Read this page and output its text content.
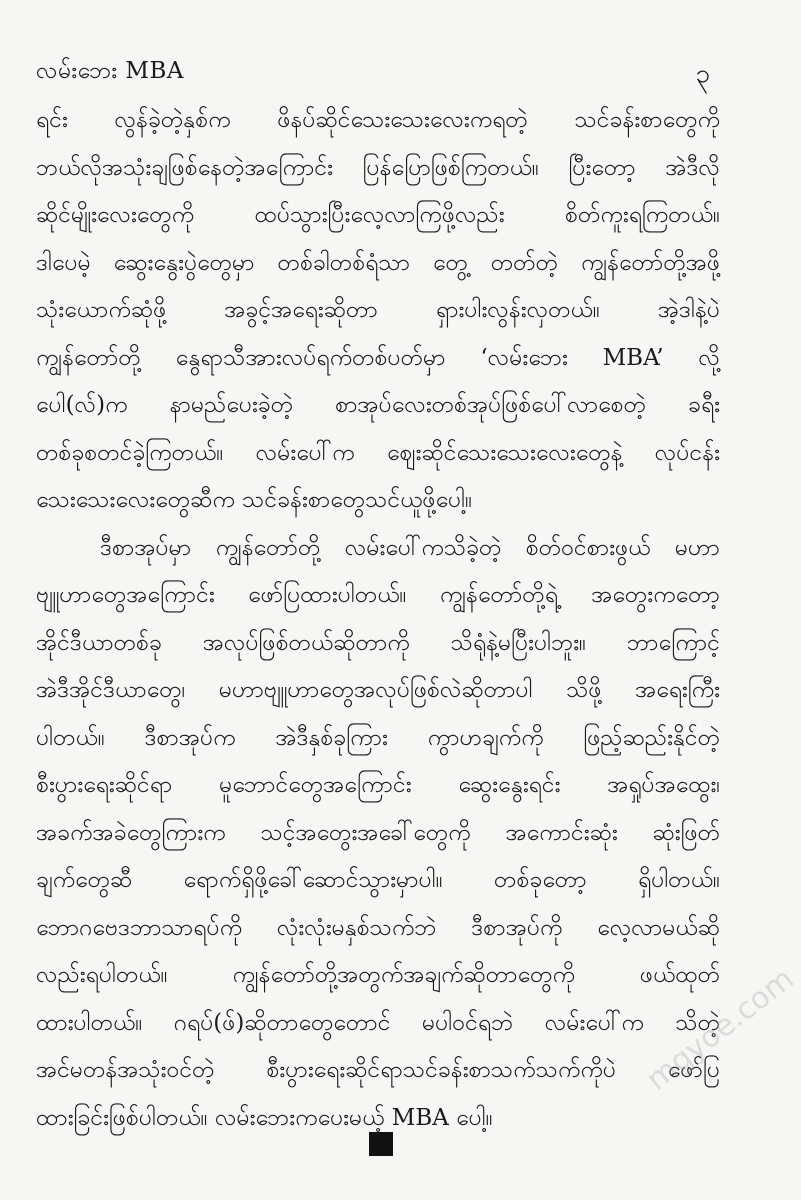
လမ်းဘေး MBA	၃
ရင်း လွန်ခဲ့တဲ့နှစ်က ဖိနပ်ဆိုင်သေးသေးလေးကရတဲ့ သင်ခန်းစာတွေကို
ဘယ်လိုအသုံးချဖြစ်နေတဲ့အကြောင်း ပြန်ပြောဖြစ်ကြတယ်။ ပြီးတော့ အဲဒီလို
ဆိုင်မျိုးလေးတွေကို ထပ်သွားပြီးလေ့လာကြဖို့လည်း စိတ်ကူးရကြတယ်။
ဒါပေမဲ့ ဆွေးနွေးပွဲတွေမှာ တစ်ခါတစ်ရံသာ တွေ့ တတ်တဲ့ ကျွန်တော်တို့အဖို့
သုံးယောက်ဆုံဖို့ အခွင့်အရေးဆိုတာ ရှားပါးလွန်းလှတယ်။ အဲ့ဒါနဲ့ပဲ
ကျွန်တော်တို့ နွေရာသီအားလပ်ရက်တစ်ပတ်မှာ ‘လမ်းဘေး MBA’ လို့
ပေါ(လ်)က နာမည်ပေးခဲ့တဲ့ စာအုပ်လေးတစ်အုပ်ဖြစ်ပေါ်လာစေတဲ့ ခရီး
တစ်ခုစတင်ခဲ့ကြတယ်။ လမ်းပေါ်က ဈေးဆိုင်သေးသေးလေးတွေနဲ့ လုပ်ငန်း
သေးသေးလေးတွေဆီက သင်ခန်းစာတွေသင်ယူဖို့ပေါ့။
ဒီစာအုပ်မှာ ကျွန်တော်တို့ လမ်းပေါ်ကသိခဲ့တဲ့ စိတ်ဝင်စားဖွယ် မဟာ
ဗျူဟာတွေအကြောင်း ဖော်ပြထားပါတယ်။ ကျွန်တော်တို့ရဲ့ အတွေးကတော့
အိုင်ဒီယာတစ်ခု အလုပ်ဖြစ်တယ်ဆိုတာကို သိရုံနဲ့မပြီးပါဘူး။ ဘာကြောင့်
အဲဒီအိုင်ဒီယာတွေ၊ မဟာဗျူဟာတွေအလုပ်ဖြစ်လဲဆိုတာပါ သိဖို့ အရေးကြီး
ပါတယ်။ ဒီစာအုပ်က အဲဒီနှစ်ခုကြား ကွာဟချက်ကို ဖြည့်ဆည်းနိုင်တဲ့
စီးပွားရေးဆိုင်ရာ မူဘောင်တွေအကြောင်း ဆွေးနွေးရင်း အရှုပ်အထွေး၊
အခက်အခဲတွေကြားက သင့်အတွေးအခေါ်တွေကို အကောင်းဆုံး ဆုံးဖြတ်
ချက်တွေဆီ ရောက်ရှိဖို့ခေါ်ဆောင်သွားမှာပါ။ တစ်ခုတော့ ရှိပါတယ်။
ဘောဂဗေဒဘာသာရပ်ကို လုံးလုံးမနှစ်သက်ဘဲ ဒီစာအုပ်ကို လေ့လာမယ်ဆို
လည်းရပါတယ်။ ကျွန်တော်တို့အတွက်အချက်ဆိုတာတွေကို ဖယ်ထုတ်
ထားပါတယ်။ ဂရပ်(ဖ်)ဆိုတာတွေတောင် မပါဝင်ရဘဲ လမ်းပေါ်က သိတဲ့
အင်မတန်အသုံးဝင်တဲ့ စီးပွားရေးဆိုင်ရာသင်ခန်းစာသက်သက်ကိုပဲ ဖော်ပြ
ထားခြင်းဖြစ်ပါတယ်။ လမ်းဘေးကပေးမယ့် MBA ပေါ့။
mgyoe.com
